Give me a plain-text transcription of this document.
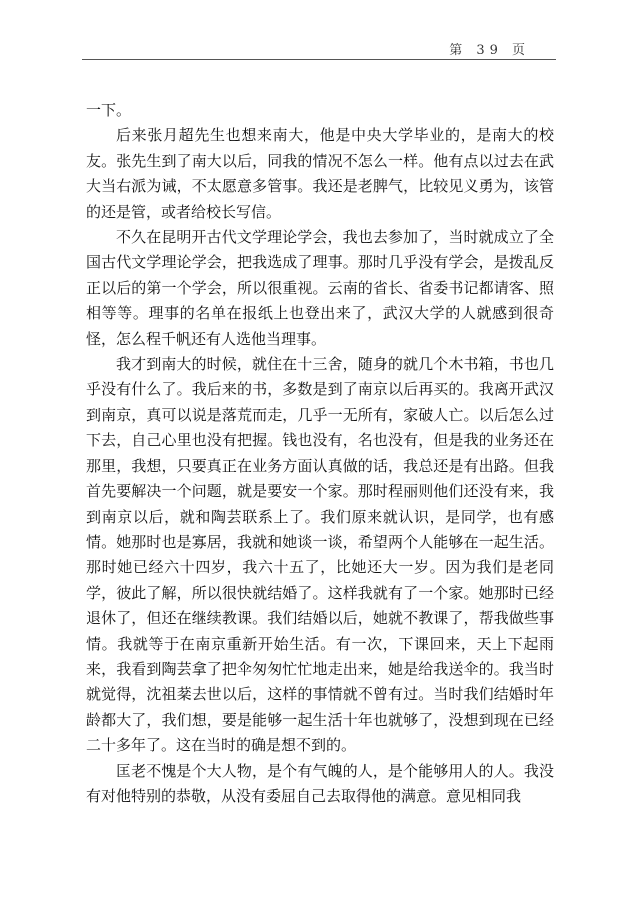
第 39 页

一下。

后来张月超先生也想来南大，他是中央大学毕业的，是南大的校友。张先生到了南大以后，同我的情况不怎么一样。他有点以过去在武大当右派为诫，不太愿意多管事。我还是老脾气，比较见义勇为，该管的还是管，或者给校长写信。

不久在昆明开古代文学理论学会，我也去参加了，当时就成立了全国古代文学理论学会，把我选成了理事。那时几乎没有学会，是拨乱反正以后的第一个学会，所以很重视。云南的省长、省委书记都请客、照相等等。理事的名单在报纸上也登出来了，武汉大学的人就感到很奇怪，怎么程千帆还有人选他当理事。

我才到南大的时候，就住在十三舍，随身的就几个木书箱，书也几乎没有什么了。我后来的书，多数是到了南京以后再买的。我离开武汉到南京，真可以说是落荒而走，几乎一无所有，家破人亡。以后怎么过下去，自己心里也没有把握。钱也没有，名也没有，但是我的业务还在那里，我想，只要真正在业务方面认真做的话，我总还是有出路。但我首先要解决一个问题，就是要安一个家。那时程丽则他们还没有来，我到南京以后，就和陶芸联系上了。我们原来就认识，是同学，也有感情。她那时也是寡居，我就和她谈一谈，希望两个人能够在一起生活。那时她已经六十四岁，我六十五了，比她还大一岁。因为我们是老同学，彼此了解，所以很快就结婚了。这样我就有了一个家。她那时已经退休了，但还在继续教课。我们结婚以后，她就不教课了，帮我做些事情。我就等于在南京重新开始生活。有一次，下课回来，天上下起雨来，我看到陶芸拿了把伞匆匆忙忙地走出来，她是给我送伞的。我当时就觉得，沈祖棻去世以后，这样的事情就不曾有过。当时我们结婚时年龄都大了，我们想，要是能够一起生活十年也就够了，没想到现在已经二十多年了。这在当时的确是想不到的。

匡老不愧是个大人物，是个有气魄的人，是个能够用人的人。我没有对他特别的恭敬，从没有委屈自己去取得他的满意。意见相同我
